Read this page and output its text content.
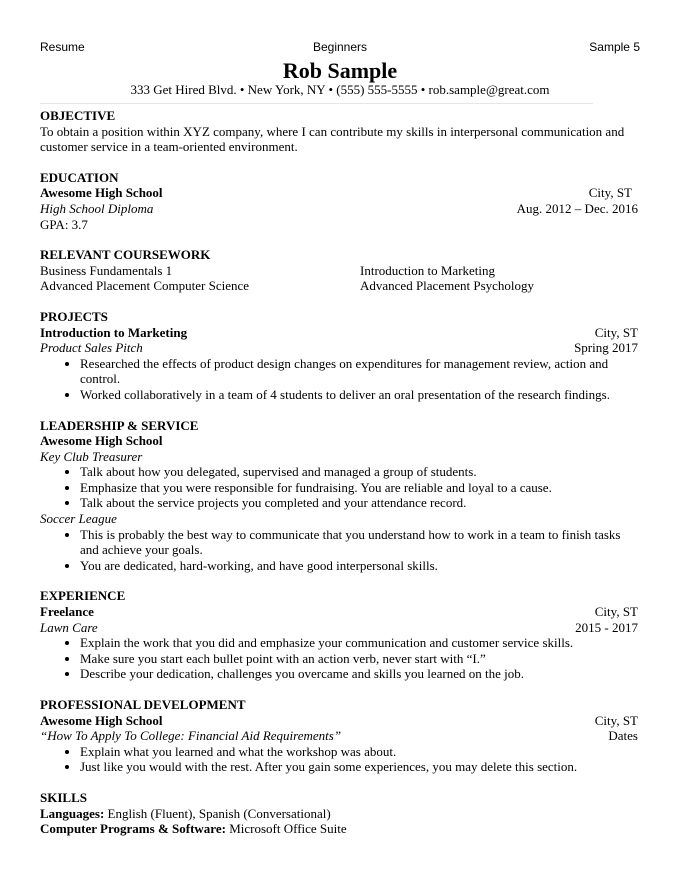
Resume	Beginners	Sample 5
Rob Sample
333 Get Hired Blvd. • New York, NY • (555) 555-5555 • rob.sample@great.com
OBJECTIVE
To obtain a position within XYZ company, where I can contribute my skills in interpersonal communication and customer service in a team-oriented environment.
EDUCATION
Awesome High School	City, ST
High School Diploma	Aug. 2012 – Dec. 2016
GPA: 3.7
RELEVANT COURSEWORK
Business Fundamentals 1	Introduction to Marketing
Advanced Placement Computer Science	Advanced Placement Psychology
PROJECTS
Introduction to Marketing	City, ST
Product Sales Pitch	Spring 2017
• Researched the effects of product design changes on expenditures for management review, action and control.
• Worked collaboratively in a team of 4 students to deliver an oral presentation of the research findings.
LEADERSHIP & SERVICE
Awesome High School
Key Club Treasurer
• Talk about how you delegated, supervised and managed a group of students.
• Emphasize that you were responsible for fundraising. You are reliable and loyal to a cause.
• Talk about the service projects you completed and your attendance record.
Soccer League
• This is probably the best way to communicate that you understand how to work in a team to finish tasks and achieve your goals.
• You are dedicated, hard-working, and have good interpersonal skills.
EXPERIENCE
Freelance	City, ST
Lawn Care	2015 - 2017
• Explain the work that you did and emphasize your communication and customer service skills.
• Make sure you start each bullet point with an action verb, never start with “I.”
• Describe your dedication, challenges you overcame and skills you learned on the job.
PROFESSIONAL DEVELOPMENT
Awesome High School	City, ST
“How To Apply To College: Financial Aid Requirements”	Dates
• Explain what you learned and what the workshop was about.
• Just like you would with the rest. After you gain some experiences, you may delete this section.
SKILLS
Languages: English (Fluent), Spanish (Conversational)
Computer Programs & Software: Microsoft Office Suite
